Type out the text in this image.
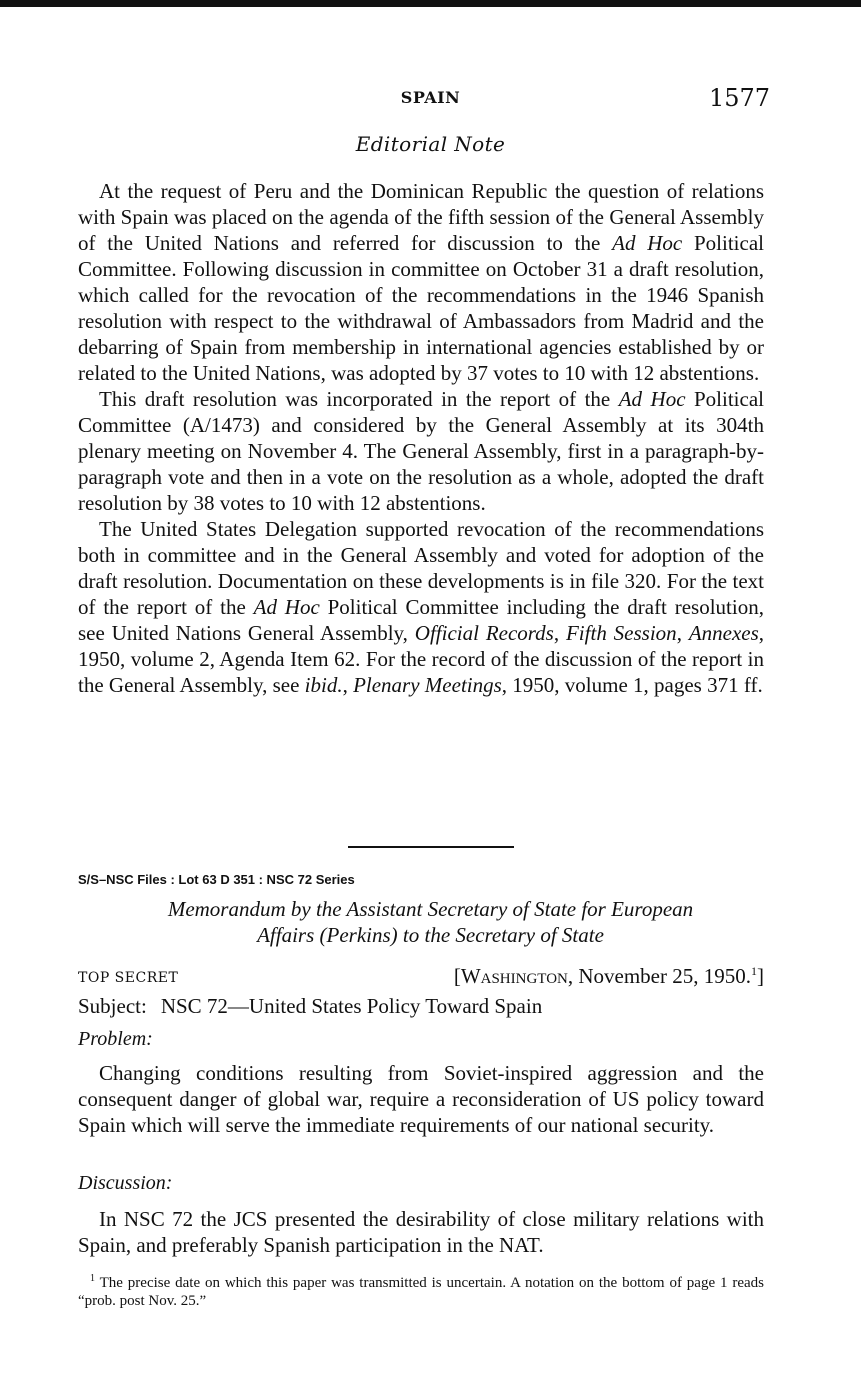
SPAIN	1577
Editorial Note

At the request of Peru and the Dominican Republic the question of relations with Spain was placed on the agenda of the fifth session of the General Assembly of the United Nations and referred for discussion to the Ad Hoc Political Committee. Following discussion in committee on October 31 a draft resolution, which called for the revocation of the recommendations in the 1946 Spanish resolution with respect to the withdrawal of Ambassadors from Madrid and the debarring of Spain from membership in international agencies established by or related to the United Nations, was adopted by 37 votes to 10 with 12 abstentions.

This draft resolution was incorporated in the report of the Ad Hoc Political Committee (A/1473) and considered by the General Assembly at its 304th plenary meeting on November 4. The General Assembly, first in a paragraph-by-paragraph vote and then in a vote on the resolution as a whole, adopted the draft resolution by 38 votes to 10 with 12 abstentions.

The United States Delegation supported revocation of the recommendations both in committee and in the General Assembly and voted for adoption of the draft resolution. Documentation on these developments is in file 320. For the text of the report of the Ad Hoc Political Committee including the draft resolution, see United Nations General Assembly, Official Records, Fifth Session, Annexes, 1950, volume 2, Agenda Item 62. For the record of the discussion of the report in the General Assembly, see ibid., Plenary Meetings, 1950, volume 1, pages 371 ff.

S/S–NSC Files : Lot 63 D 351 : NSC 72 Series
Memorandum by the Assistant Secretary of State for European
Affairs (Perkins) to the Secretary of State
TOP SECRET	[Washington, November 25, 1950.$^1$]
Subject: NSC 72—United States Policy Toward Spain
Problem:

Changing conditions resulting from Soviet-inspired aggression and the consequent danger of global war, require a reconsideration of US policy toward Spain which will serve the immediate requirements of our national security.

Discussion:

In NSC 72 the JCS presented the desirability of close military relations with Spain, and preferably Spanish participation in the NAT.

$^1$ The precise date on which this paper was transmitted is uncertain. A notation on the bottom of page 1 reads “prob. post Nov. 25.”
